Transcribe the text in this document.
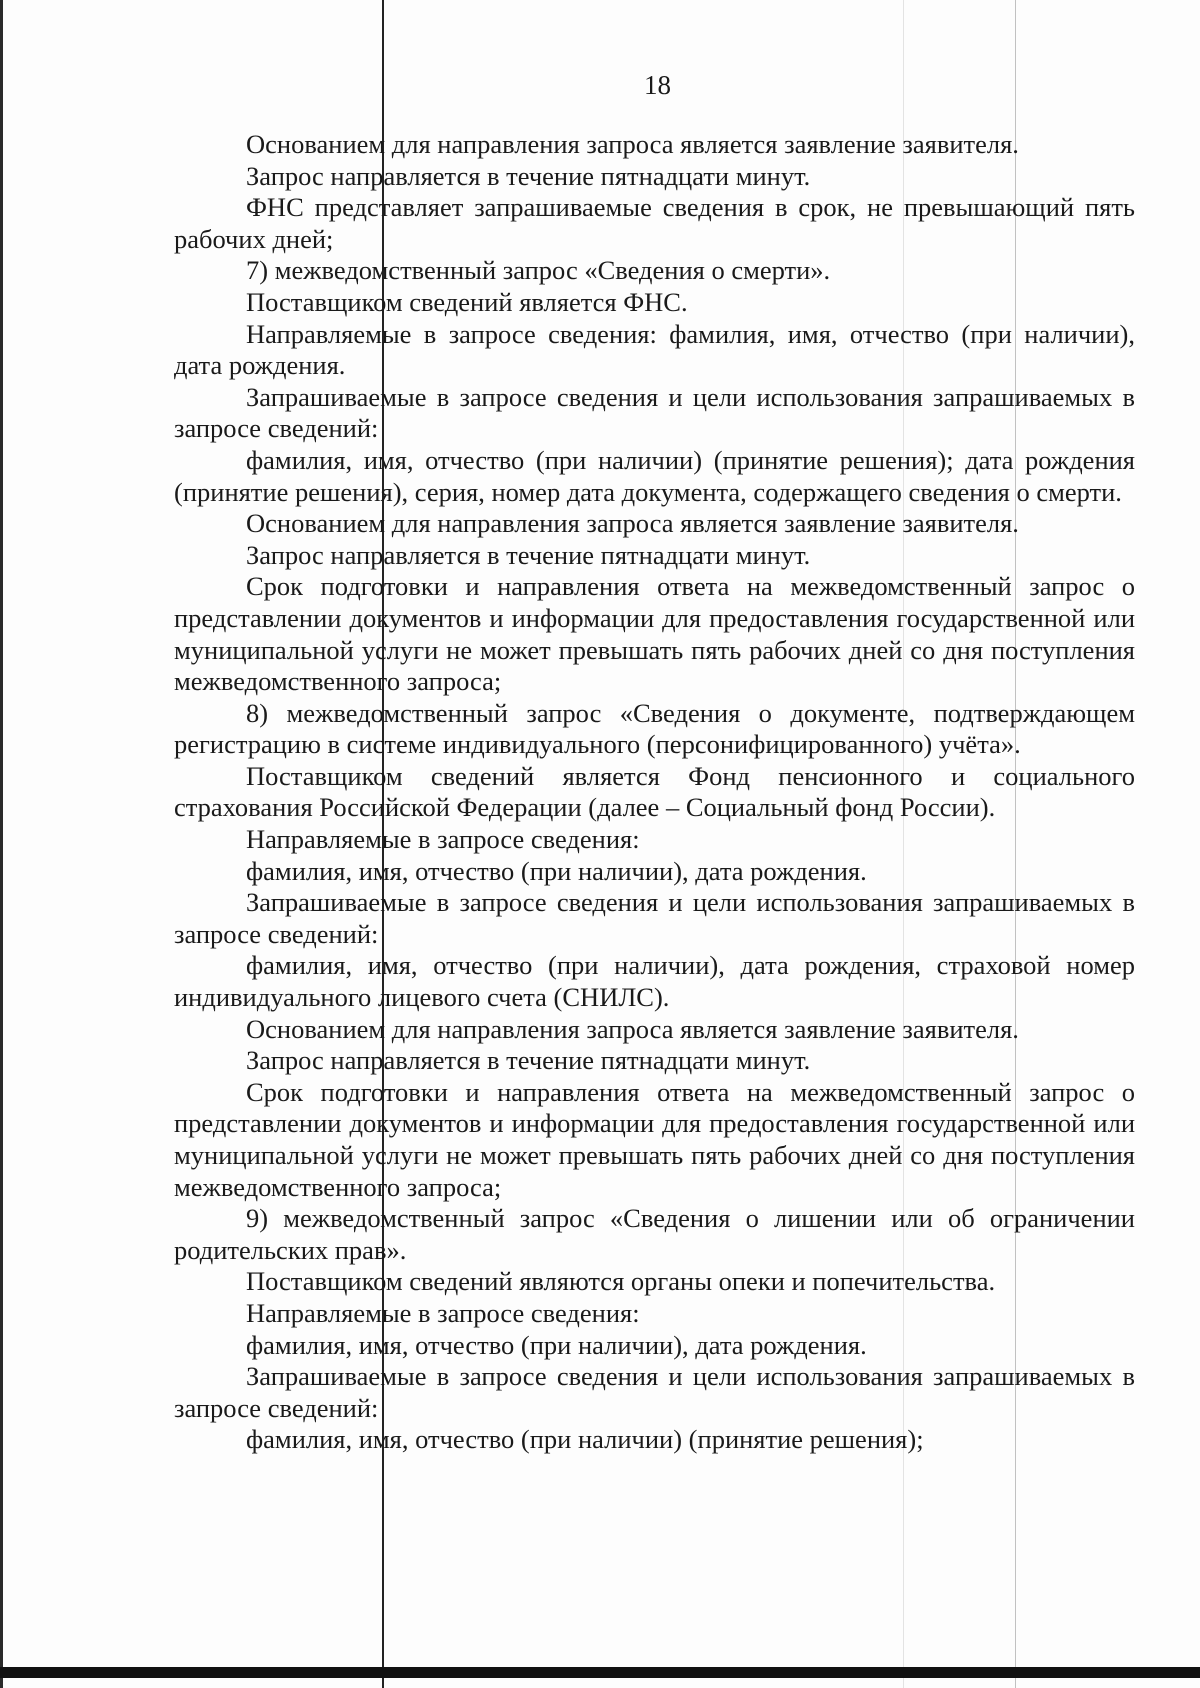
18

Основанием для направления запроса является заявление заявителя.

Запрос направляется в течение пятнадцати минут.

ФНС представляет запрашиваемые сведения в срок, не превышающий пять рабочих дней;

7) межведомственный запрос «Сведения о смерти».

Поставщиком сведений является ФНС.

Направляемые в запросе сведения: фамилия, имя, отчество (при наличии), дата рождения.

Запрашиваемые в запросе сведения и цели использования запрашиваемых в запросе сведений:

фамилия, имя, отчество (при наличии) (принятие решения); дата рождения (принятие решения), серия, номер дата документа, содержащего сведения о смерти.

Основанием для направления запроса является заявление заявителя.

Запрос направляется в течение пятнадцати минут.

Срок подготовки и направления ответа на межведомственный запрос о представлении документов и информации для предоставления государственной или муниципальной услуги не может превышать пять рабочих дней со дня поступления межведомственного запроса;

8) межведомственный запрос «Сведения о документе, подтверждающем регистрацию в системе индивидуального (персонифицированного) учёта».

Поставщиком сведений является Фонд пенсионного и социального страхования Российской Федерации (далее – Социальный фонд России).

Направляемые в запросе сведения:

фамилия, имя, отчество (при наличии), дата рождения.

Запрашиваемые в запросе сведения и цели использования запрашиваемых в запросе сведений:

фамилия, имя, отчество (при наличии), дата рождения, страховой номер индивидуального лицевого счета (СНИЛС).

Основанием для направления запроса является заявление заявителя.

Запрос направляется в течение пятнадцати минут.

Срок подготовки и направления ответа на межведомственный запрос о представлении документов и информации для предоставления государственной или муниципальной услуги не может превышать пять рабочих дней со дня поступления межведомственного запроса;

9) межведомственный запрос «Сведения о лишении или об ограничении родительских прав».

Поставщиком сведений являются органы опеки и попечительства.

Направляемые в запросе сведения:

фамилия, имя, отчество (при наличии), дата рождения.

Запрашиваемые в запросе сведения и цели использования запрашиваемых в запросе сведений:

фамилия, имя, отчество (при наличии) (принятие решения);
